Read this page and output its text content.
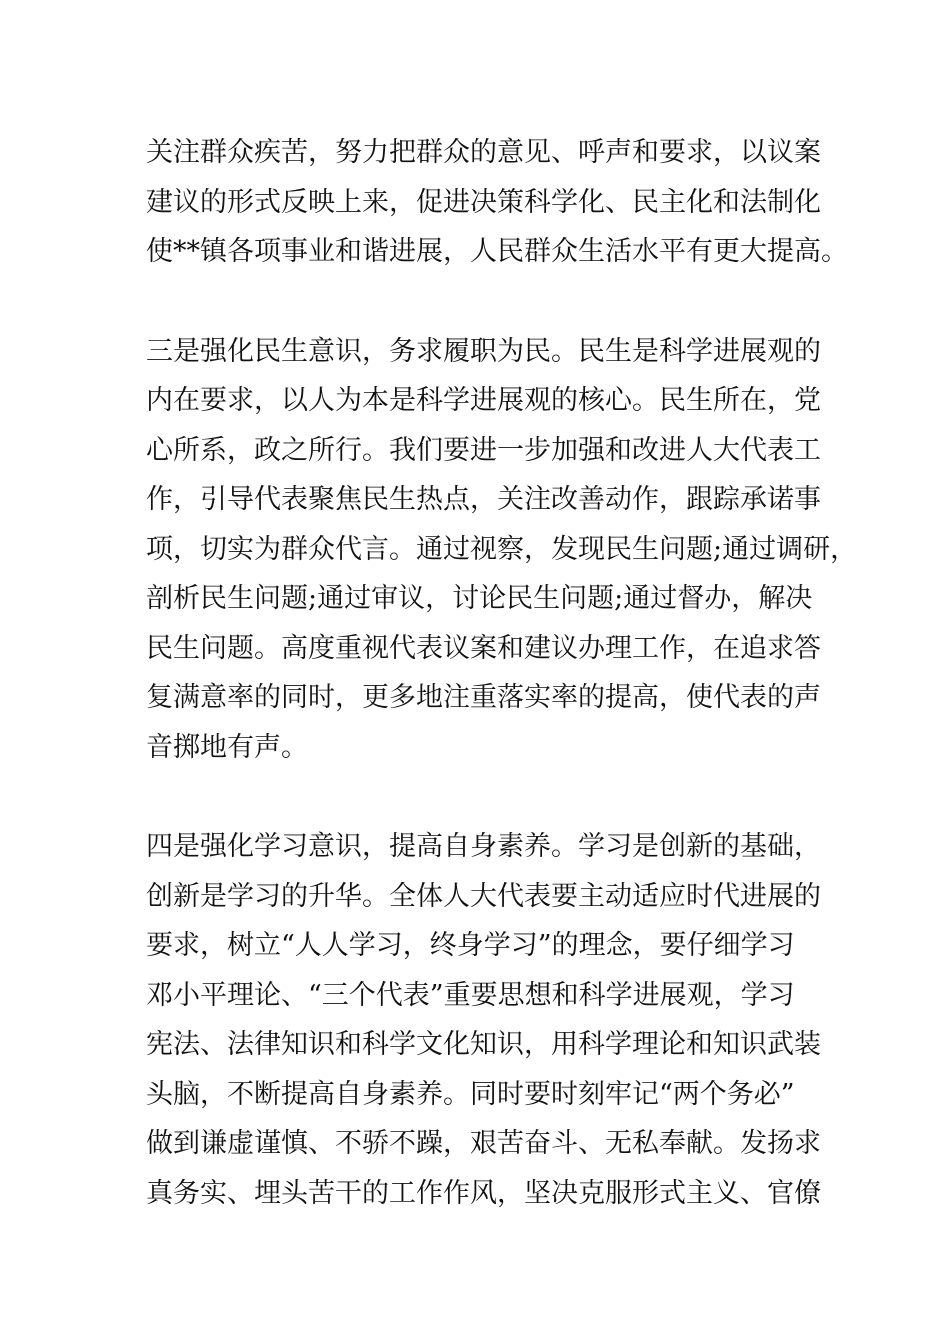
关注群众疾苦，努力把群众的意见、呼声和要求，以议案
建议的形式反映上来，促进决策科学化、民主化和法制化
使**镇各项事业和谐进展，人民群众生活水平有更大提高。
三是强化民生意识，务求履职为民。民生是科学进展观的
内在要求，以人为本是科学进展观的核心。民生所在，党
心所系，政之所行。我们要进一步加强和改进人大代表工
作，引导代表聚焦民生热点，关注改善动作，跟踪承诺事
项，切实为群众代言。通过视察，发现民生问题;通过调研，
剖析民生问题;通过审议，讨论民生问题;通过督办，解决
民生问题。高度重视代表议案和建议办理工作，在追求答
复满意率的同时，更多地注重落实率的提高，使代表的声
音掷地有声。
四是强化学习意识，提高自身素养。学习是创新的基础，
创新是学习的升华。全体人大代表要主动适应时代进展的
要求，树立“人人学习，终身学习”的理念，要仔细学习
邓小平理论、“三个代表”重要思想和科学进展观，学习
宪法、法律知识和科学文化知识，用科学理论和知识武装
头脑，不断提高自身素养。同时要时刻牢记“两个务必”
做到谦虚谨慎、不骄不躁，艰苦奋斗、无私奉献。发扬求
真务实、埋头苦干的工作作风，坚决克服形式主义、官僚
